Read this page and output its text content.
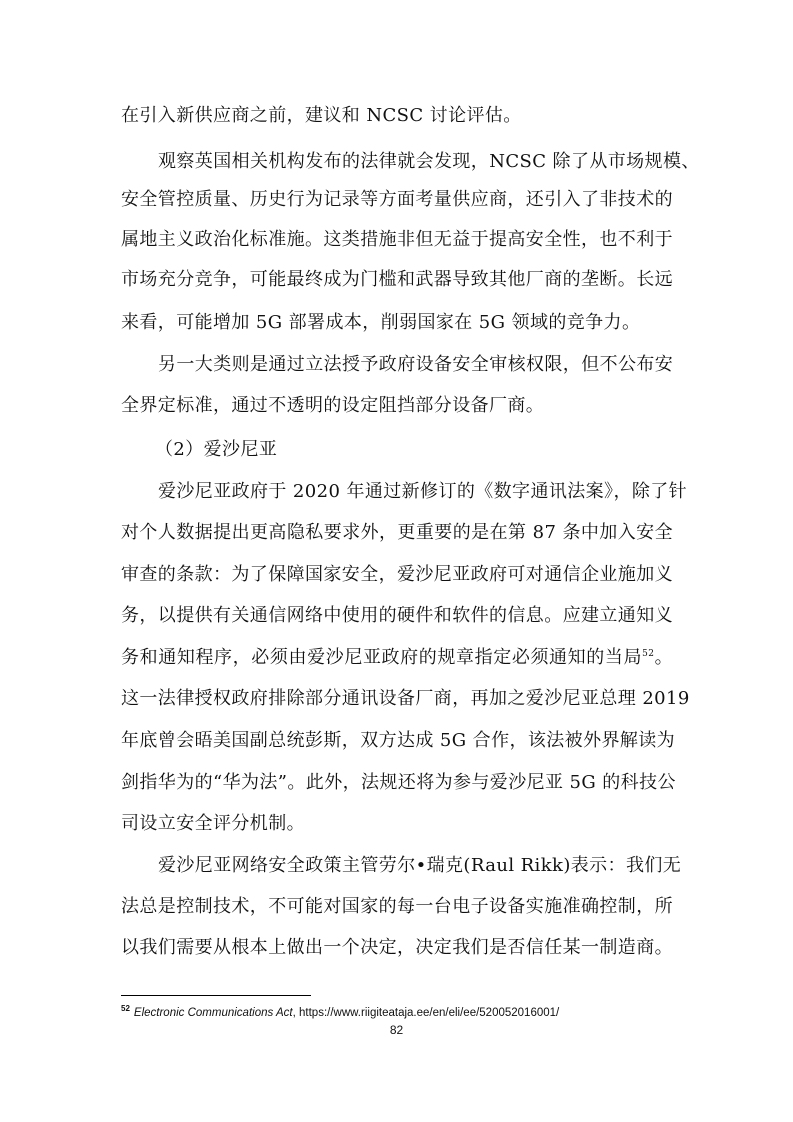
在引入新供应商之前，建议和 NCSC 讨论评估。

观察英国相关机构发布的法律就会发现，NCSC 除了从市场规模、

安全管控质量、历史行为记录等方面考量供应商，还引入了非技术的

属地主义政治化标准施。这类措施非但无益于提高安全性，也不利于

市场充分竞争，可能最终成为门槛和武器导致其他厂商的垄断。长远

来看，可能增加 5G 部署成本，削弱国家在 5G 领域的竞争力。

另一大类则是通过立法授予政府设备安全审核权限，但不公布安

全界定标准，通过不透明的设定阻挡部分设备厂商。

（2）爱沙尼亚

爱沙尼亚政府于 2020 年通过新修订的《数字通讯法案》，除了针

对个人数据提出更高隐私要求外，更重要的是在第 87 条中加入安全

审查的条款：为了保障国家安全，爱沙尼亚政府可对通信企业施加义

务，以提供有关通信网络中使用的硬件和软件的信息。应建立通知义

务和通知程序，必须由爱沙尼亚政府的规章指定必须通知的当局$^{52}$。

这一法律授权政府排除部分通讯设备厂商，再加之爱沙尼亚总理 2019

年底曾会晤美国副总统彭斯，双方达成 5G 合作，该法被外界解读为

剑指华为的“华为法”。此外，法规还将为参与爱沙尼亚 5G 的科技公

司设立安全评分机制。

爱沙尼亚网络安全政策主管劳尔•瑞克(Raul Rikk)表示：我们无

法总是控制技术，不可能对国家的每一台电子设备实施准确控制，所

以我们需要从根本上做出一个决定，决定我们是否信任某一制造商。

$^{52}$ Electronic Communications Act, https://www.riigiteataja.ee/en/eli/ee/520052016001/
82
